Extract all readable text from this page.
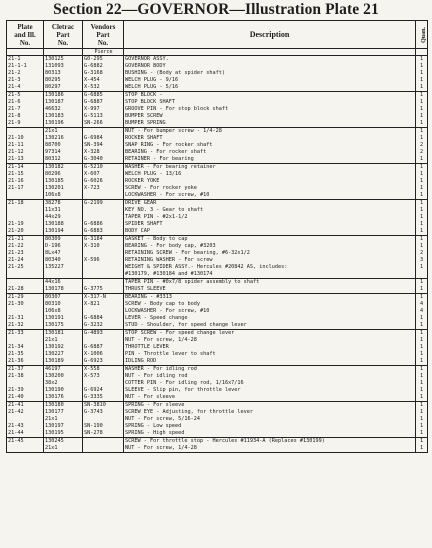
Section 22—GOVERNOR—Illustration Plate 21
Plate
and Ill.
No.	Cletrac
Part
No.	Vendors
Part
No.	Description	Quan.
		Pierce		
21-1	130125	G0-295	GOVERNOR ASSY.	1
21-1-1	131093	G-6882	GOVERNOR BODY	1
21-2	80313	G-3168	BUSHING - (Body at spider shaft)	1
21-3	80295	X-454	WELCH PLUG - 9/16	1
21-4	80297	X-532	WELCH PLUG - 5/16	1
21-5	130186	G-6885	STOP BLOCK -	1
21-6	130187	G-6887	STOP BLOCK SHAFT	1
21-7	46632	X-997	GROOVE PIN - For stop block shaft	1
21-8	130183	G-5113	BUMPER SCREW	1
21-9	130196	SN-266	BUMPER SPRING	1
	21x1		NUT - For bumper screw - 1/4-28	1
21-10	130216	G-6984	ROCKER SHAFT	1
21-11	88700	SN-394	SNAP RING - For rocker shaft	2
21-12	97314	X-328	BEARING - For rocker shaft	2
21-13	80312	G-3040	RETAINER - For bearing	1
21-14	130182	G-5210	WASHER - For bearing retainer	1
21-15	80296	X-607	WELCH PLUG - 13/16	1
21-16	130185	G-6026	ROCKER YOKE	1
21-17	130201	X-723	SCREW - For rocker yoke	1
	106x8		LOCKWASHER - For screw, #10	1
21-18	38278	G-2199	DRIVE GEAR	1
	11x31		KEY NO. 3 - Gear to shaft	1
	44x29		TAPER PIN - #2x1-1/2	1
21-19	130188	G-6886	SPIDER SHAFT	1
21-20	130194	G-6883	BODY CAP	1
21-21	80309	G-3184	GASKET - Body to cap	1
21-22	D-196	X-310	BEARING - For body cap, #3203	1
21-23	8Lx47		RETAINING SCREW - For bearing, #6-32x1/2	2
21-24	80340	X-596	RETAINING WASHER - For screw	3
21-25	135227		WEIGHT & SPIDER ASSY.- Hercules #20842 AS, includes:	1
			#130179, #130184 and #130174	
	44x16		TAPER PIN - #0x7/8 spider assembly to shaft	1
21-28	130178	G-3775	THRUST SLEEVE	1
21-29	80307	X-317-N	BEARING - #3313	1
21-30	80310	X-821	SCREW - Body cap to body	4
	106x8		LOCKWASHER - For screw, #10	4
21-31	130191	G-6884	LEVER - Speed change	1
21-32	130175	G-3232	STUD - Shoulder, for speed change lever	1
21-33	130181	G-4893	STOP SCREW - For speed change lever	1
	21x1		NUT - For screw, 1/4-28	1
21-34	130192	G-6887	THROTTLE LEVER	1
21-35	130227	X-1006	PIN - Throttle lever to shaft	1
21-36	130189	G-6923	IDLING ROD	1
21-37	46197	X-558	WASHER - For idling rod	1
21-38	130200	X-573	NUT - For idling rod	1
	38x2		COTTER PIN - For idling rod, 1/16x7/16	1
21-39	130190	G-6924	SLEEVE - Slip pin, for throttle lever	1
21-40	130176	G-3335	NUT - For sleeve	1
21-41	130180	SN-3810	SPRING - For sleeve	1
21-42	130177	G-3743	SCREW EYE - Adjusting, for throttle lever	1
	21x1		NUT - For screw, 5/16-24	1
21-43	130197	SN-190	SPRING - Low speed	1
21-44	130195	SN-278	SPRING - High speed	1
21-45	130245		SCREW - For throttle stop - Hercules #11934-A (Replaces #130199)	1
	21x1		NUT - For screw, 1/4-28	1
